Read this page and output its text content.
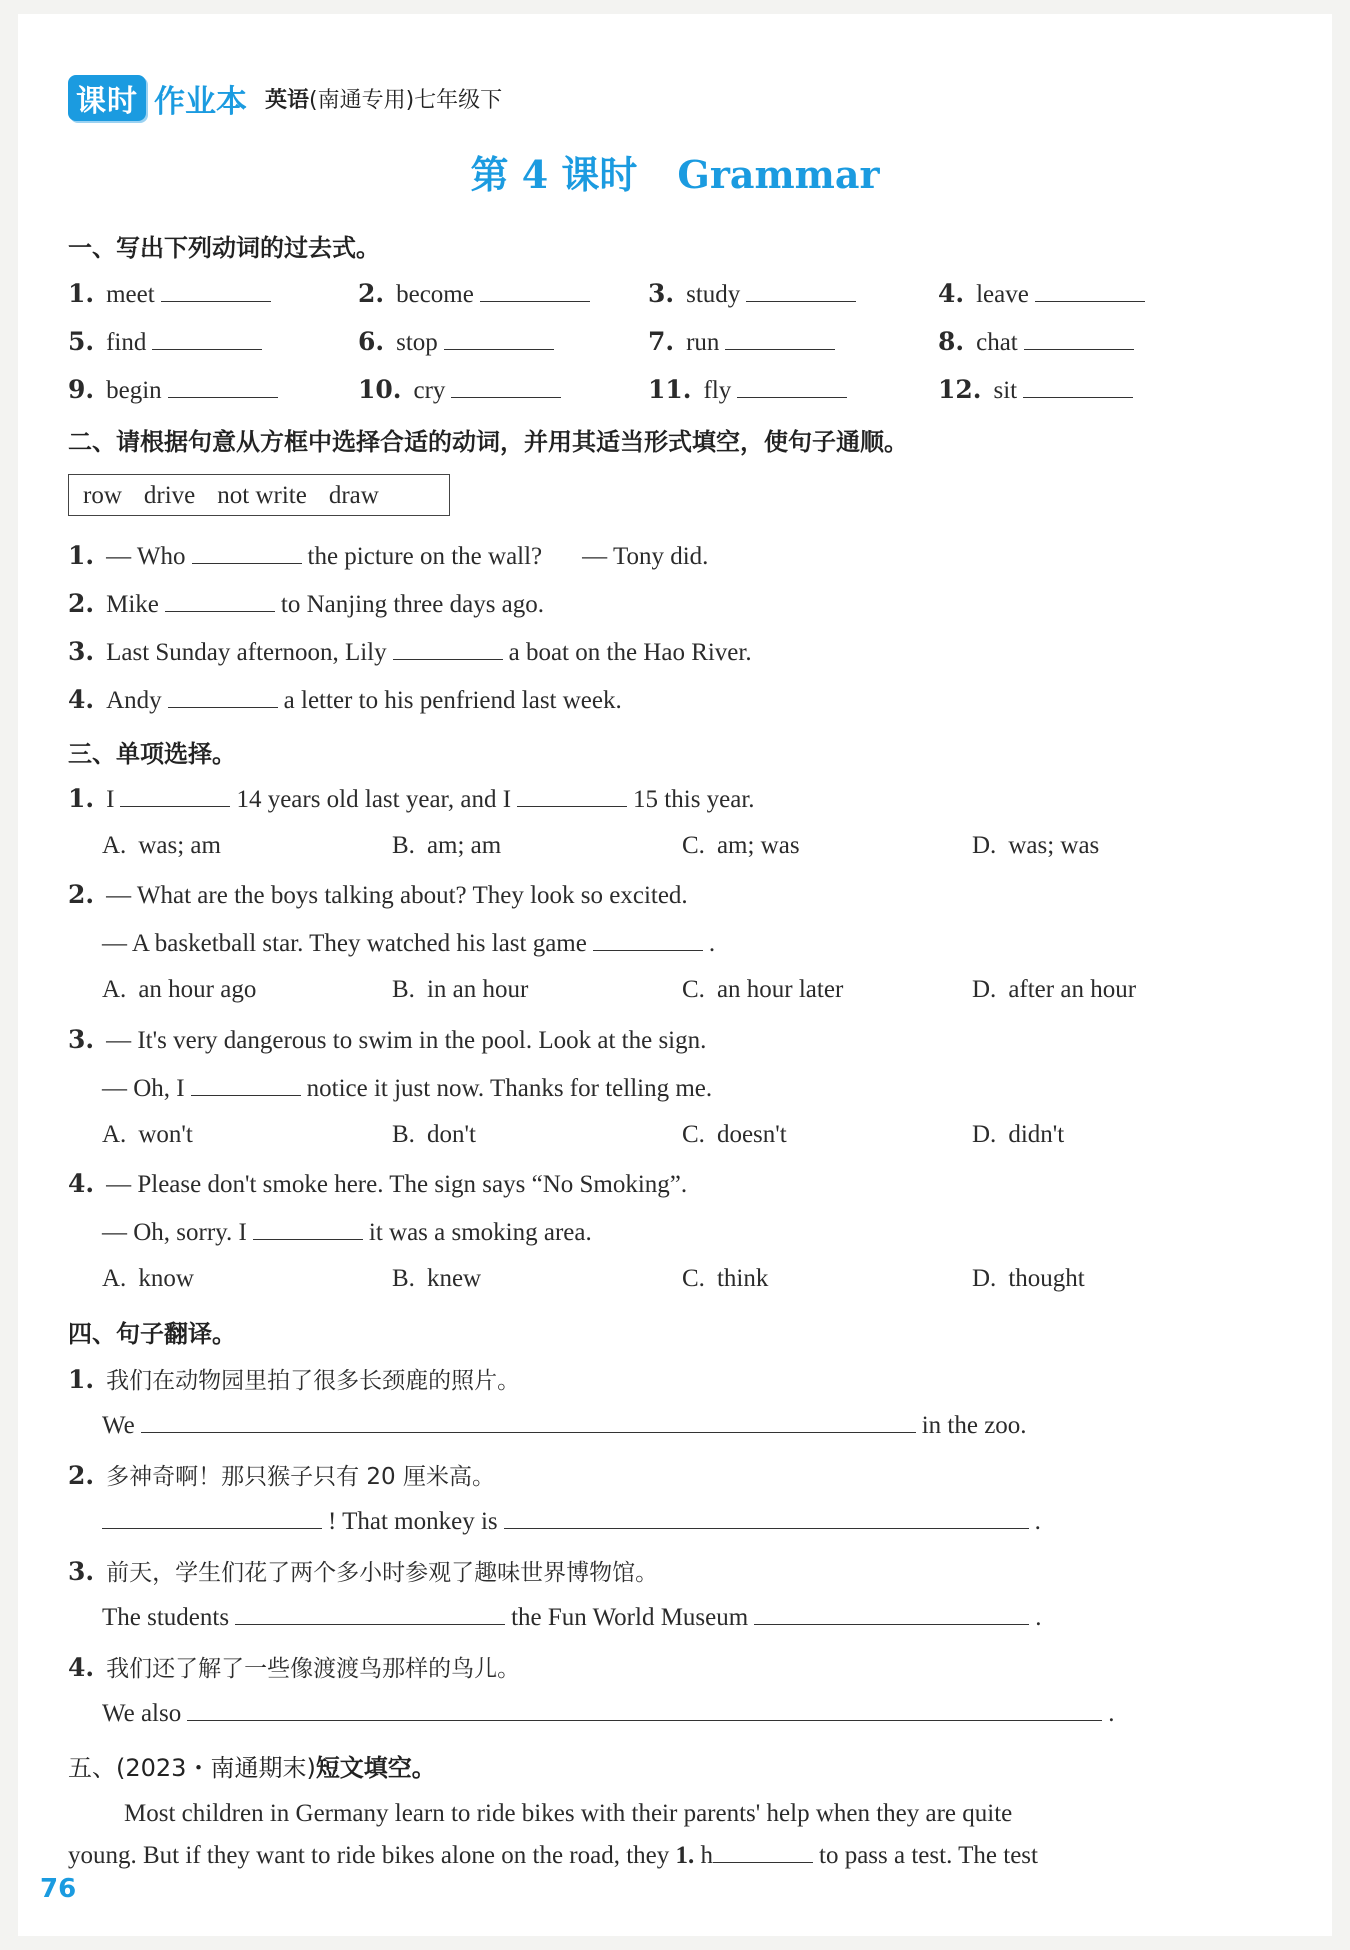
课时 作业本 英语(南通专用)七年级下
第 4 课时 Grammar
一、写出下列动词的过去式。
1. meet	2. become	3. study	4. leave
5. find	6. stop	7. run	8. chat
9. begin	10. cry	11. fly	12. sit
二、请根据句意从方框中选择合适的动词，并用其适当形式填空，使句子通顺。
row drive not write draw
1. — Who	the picture on the wall? — Tony did.
2. Mike	to Nanjing three days ago.
3. Last Sunday afternoon, Lily	a boat on the Hao River.
4. Andy	a letter to his penfriend last week.
三、单项选择。
1. I	14 years old last year, and I	15 this year.
A. was; am	B. am; am	C. am; was	D. was; was
2. — What are the boys talking about? They look so excited.
— A basketball star. They watched his last game	.
A. an hour ago	B. in an hour	C. an hour later	D. after an hour
3. — It's very dangerous to swim in the pool. Look at the sign.
— Oh, I	notice it just now. Thanks for telling me.
A. won't	B. don't	C. doesn't	D. didn't
4. — Please don't smoke here. The sign says “No Smoking”.
— Oh, sorry. I	it was a smoking area.
A. know	B. knew	C. think	D. thought
四、句子翻译。
1. 我们在动物园里拍了很多长颈鹿的照片。
We	in the zoo.
2. 多神奇啊！那只猴子只有 20 厘米高。
! That monkey is	.
3. 前天，学生们花了两个多小时参观了趣味世界博物馆。
The students	the Fun World Museum	.
4. 我们还了解了一些像渡渡鸟那样的鸟儿。
We also	.
五、(2023・南通期末)短文填空。
Most children in Germany learn to ride bikes with their parents' help when they are quite
young. But if they want to ride bikes alone on the road, they 1. h	to pass a test. The test
76
